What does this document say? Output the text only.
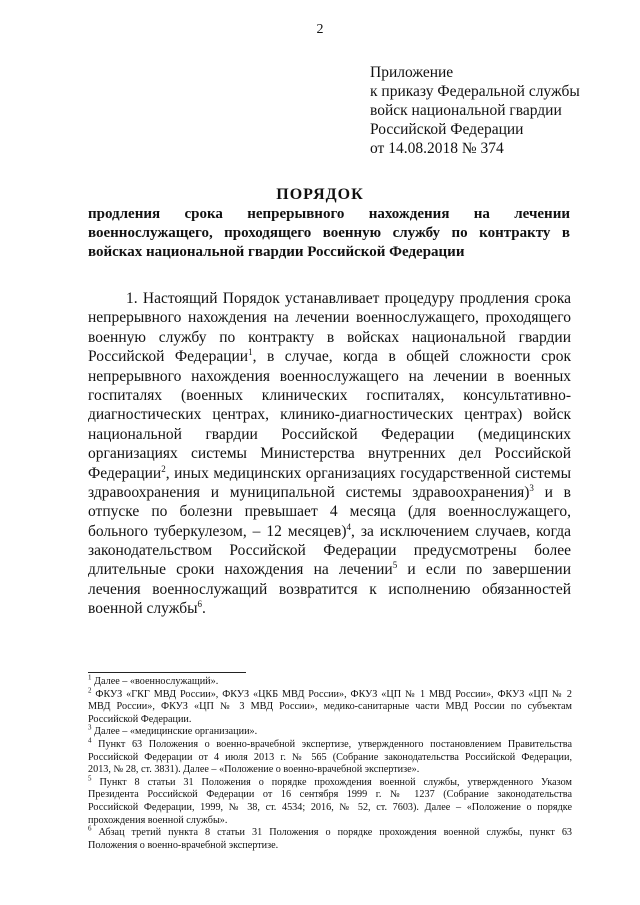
2
Приложение
к приказу Федеральной службы
войск национальной гвардии
Российской Федерации
от 14.08.2018 № 374
ПОРЯДОК
продления срока непрерывного нахождения на лечении
военнослужащего, проходящего военную службу по контракту в
войсках национальной гвардии Российской Федерации
1. Настоящий Порядок устанавливает процедуру продления срока
непрерывного нахождения на лечении военнослужащего, проходящего
военную службу по контракту в войсках национальной гвардии
Российской Федерации$^1$, в случае, когда в общей сложности срок
непрерывного нахождения военнослужащего на лечении в военных
госпиталях (военных клинических госпиталях, консультативно-
диагностических центрах, клинико-диагностических центрах) войск
национальной гвардии Российской Федерации (медицинских
организациях системы Министерства внутренних дел Российской
Федерации$^2$, иных медицинских организациях государственной системы
здравоохранения и муниципальной системы здравоохранения)$^3$ и в
отпуске по болезни превышает 4 месяца (для военнослужащего,
больного туберкулезом, – 12 месяцев)$^4$, за исключением случаев, когда
законодательством Российской Федерации предусмотрены более
длительные сроки нахождения на лечении$^5$ и если по завершении
лечения военнослужащий возвратится к исполнению обязанностей
военной службы$^6$.
$^1$ Далее – «военнослужащий».
$^2$ ФКУЗ «ГКГ МВД России», ФКУЗ «ЦКБ МВД России», ФКУЗ «ЦП № 1 МВД России», ФКУЗ «ЦП № 2
МВД России», ФКУЗ «ЦП № 3 МВД России», медико-санитарные части МВД России по субъектам
Российской Федерации.
$^3$ Далее – «медицинские организации».
$^4$ Пункт 63 Положения о военно-врачебной экспертизе, утвержденного постановлением Правительства
Российской Федерации от 4 июля 2013 г. № 565 (Собрание законодательства Российской Федерации,
2013, № 28, ст. 3831). Далее – «Положение о военно-врачебной экспертизе».
$^5$ Пункт 8 статьи 31 Положения о порядке прохождения военной службы, утвержденного Указом
Президента Российской Федерации от 16 сентября 1999 г. № 1237 (Собрание законодательства
Российской Федерации, 1999, № 38, ст. 4534; 2016, № 52, ст. 7603). Далее – «Положение о порядке
прохождения военной службы».
$^6$ Абзац третий пункта 8 статьи 31 Положения о порядке прохождения военной службы, пункт 63
Положения о военно-врачебной экспертизе.
